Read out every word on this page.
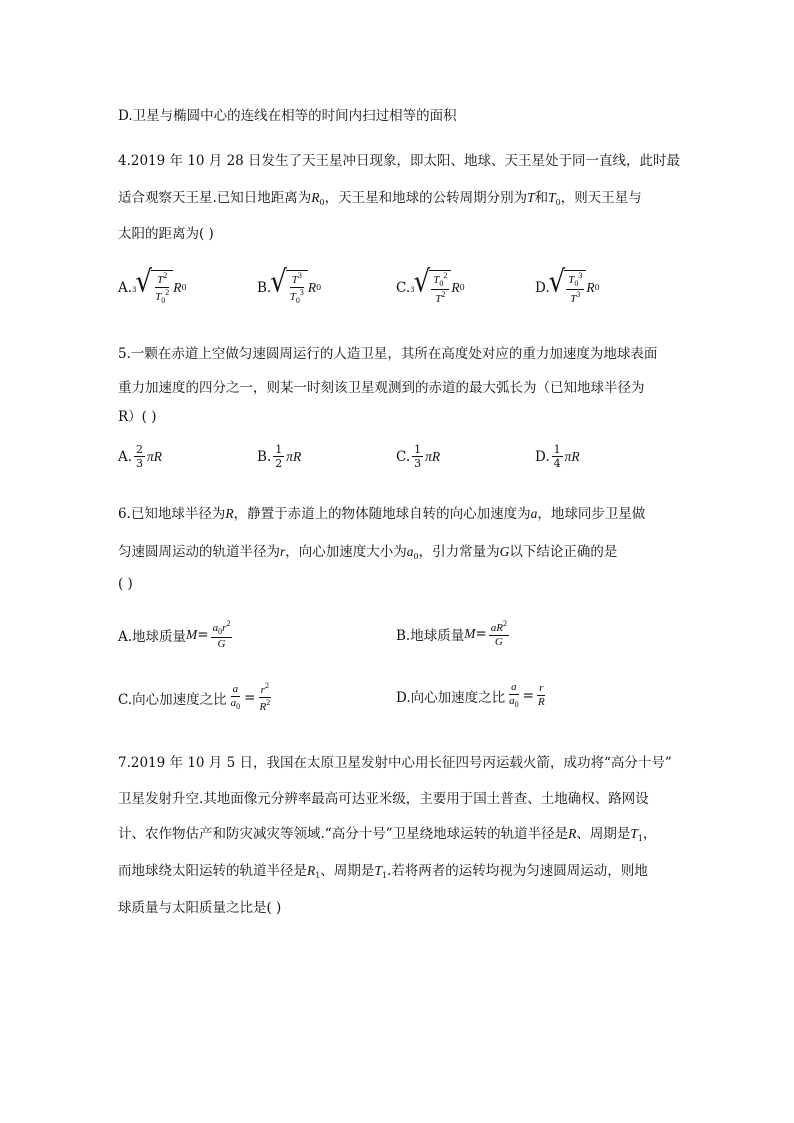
D.卫星与椭圆中心的连线在相等的时间内扫过相等的面积
4.2019 年 10 月 28 日发生了天王星冲日现象，即太阳、地球、天王星处于同一直线，此时最
适合观察天王星.已知日地距离为$R_0$，天王星和地球的公转周期分别为T和$T_0$，则天王星与
太阳的距离为( )
A. 3 √ $\frac{T^2}{T_0^2}$ R 0	B. √ $\frac{T^3}{T_0^3}$ R 0	C. 3 √ $\frac{T_0^2}{T^2}$ R 0	D. √ $\frac{T_0^3}{T^3}$ R 0
5.一颗在赤道上空做匀速圆周运行的人造卫星，其所在高度处对应的重力加速度为地球表面
重力加速度的四分之一，则某一时刻该卫星观测到的赤道的最大弧长为（已知地球半径为
R）( )
A. $\frac{2}{3}$ πR	B. $\frac{1}{2}$ πR	C. $\frac{1}{3}$ πR	D. $\frac{1}{4}$ πR
6.已知地球半径为R，静置于赤道上的物体随地球自转的向心加速度为a，地球同步卫星做
匀速圆周运动的轨道半径为r，向心加速度大小为$a_0$，引力常量为G以下结论正确的是
( )
A.地球质量 $M = \frac{a_0r^2}{G}$	B.地球质量 $M = \frac{aR^2}{G}$
C.向心加速度之比 $\frac{a}{a_0} = \frac{r^2}{R^2}$	D.向心加速度之比 $\frac{a}{a_0} = \frac{r}{R}$
7.2019 年 10 月 5 日，我国在太原卫星发射中心用长征四号丙运载火箭，成功将“高分十号”
卫星发射升空.其地面像元分辨率最高可达亚米级，主要用于国土普查、土地确权、路网设
计、农作物估产和防灾减灾等领域.“高分十号”卫星绕地球运转的轨道半径是R、周期是$T_1$，
而地球绕太阳运转的轨道半径是$R_1$、周期是$T_1$.若将两者的运转均视为匀速圆周运动，则地
球质量与太阳质量之比是( )
